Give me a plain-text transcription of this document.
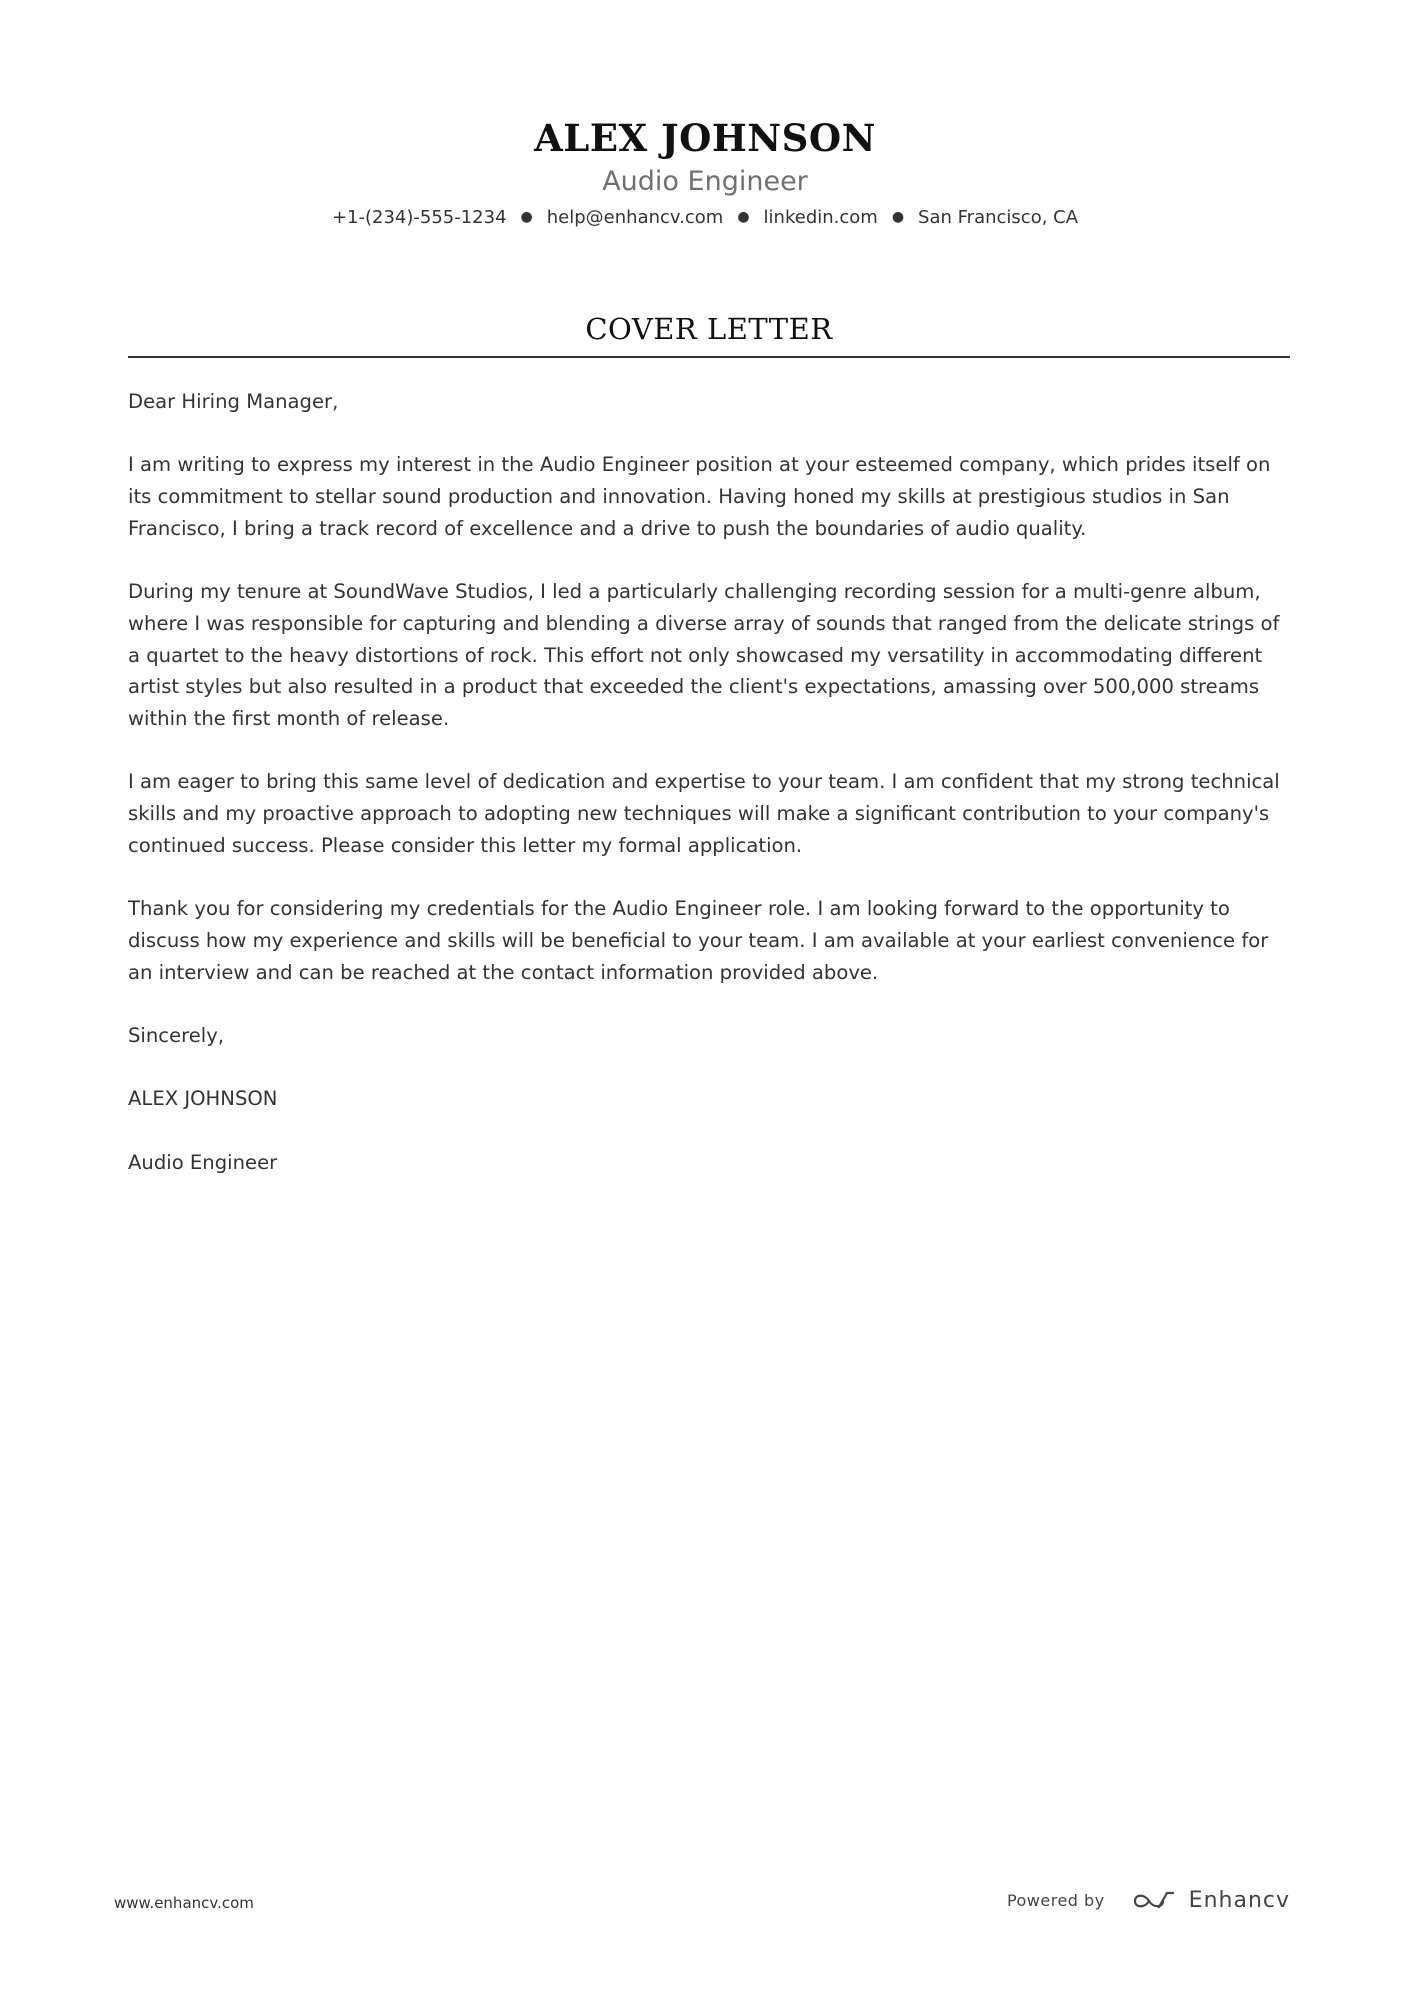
ALEX JOHNSON
Audio Engineer
+1-(234)-555-1234 ● help@enhancv.com ● linkedin.com ● San Francisco, CA
COVER LETTER

Dear Hiring Manager,

I am writing to express my interest in the Audio Engineer position at your esteemed company, which prides itself on its commitment to stellar sound production and innovation. Having honed my skills at prestigious studios in San Francisco, I bring a track record of excellence and a drive to push the boundaries of audio quality.

During my tenure at SoundWave Studios, I led a particularly challenging recording session for a multi-genre album, where I was responsible for capturing and blending a diverse array of sounds that ranged from the delicate strings of a quartet to the heavy distortions of rock. This effort not only showcased my versatility in accommodating different artist styles but also resulted in a product that exceeded the client's expectations, amassing over 500,000 streams within the first month of release.

I am eager to bring this same level of dedication and expertise to your team. I am confident that my strong technical skills and my proactive approach to adopting new techniques will make a significant contribution to your company's continued success. Please consider this letter my formal application.

Thank you for considering my credentials for the Audio Engineer role. I am looking forward to the opportunity to discuss how my experience and skills will be beneficial to your team. I am available at your earliest convenience for an interview and can be reached at the contact information provided above.

Sincerely,

ALEX JOHNSON

Audio Engineer

www.enhancv.com	Powered by	Enhancv
